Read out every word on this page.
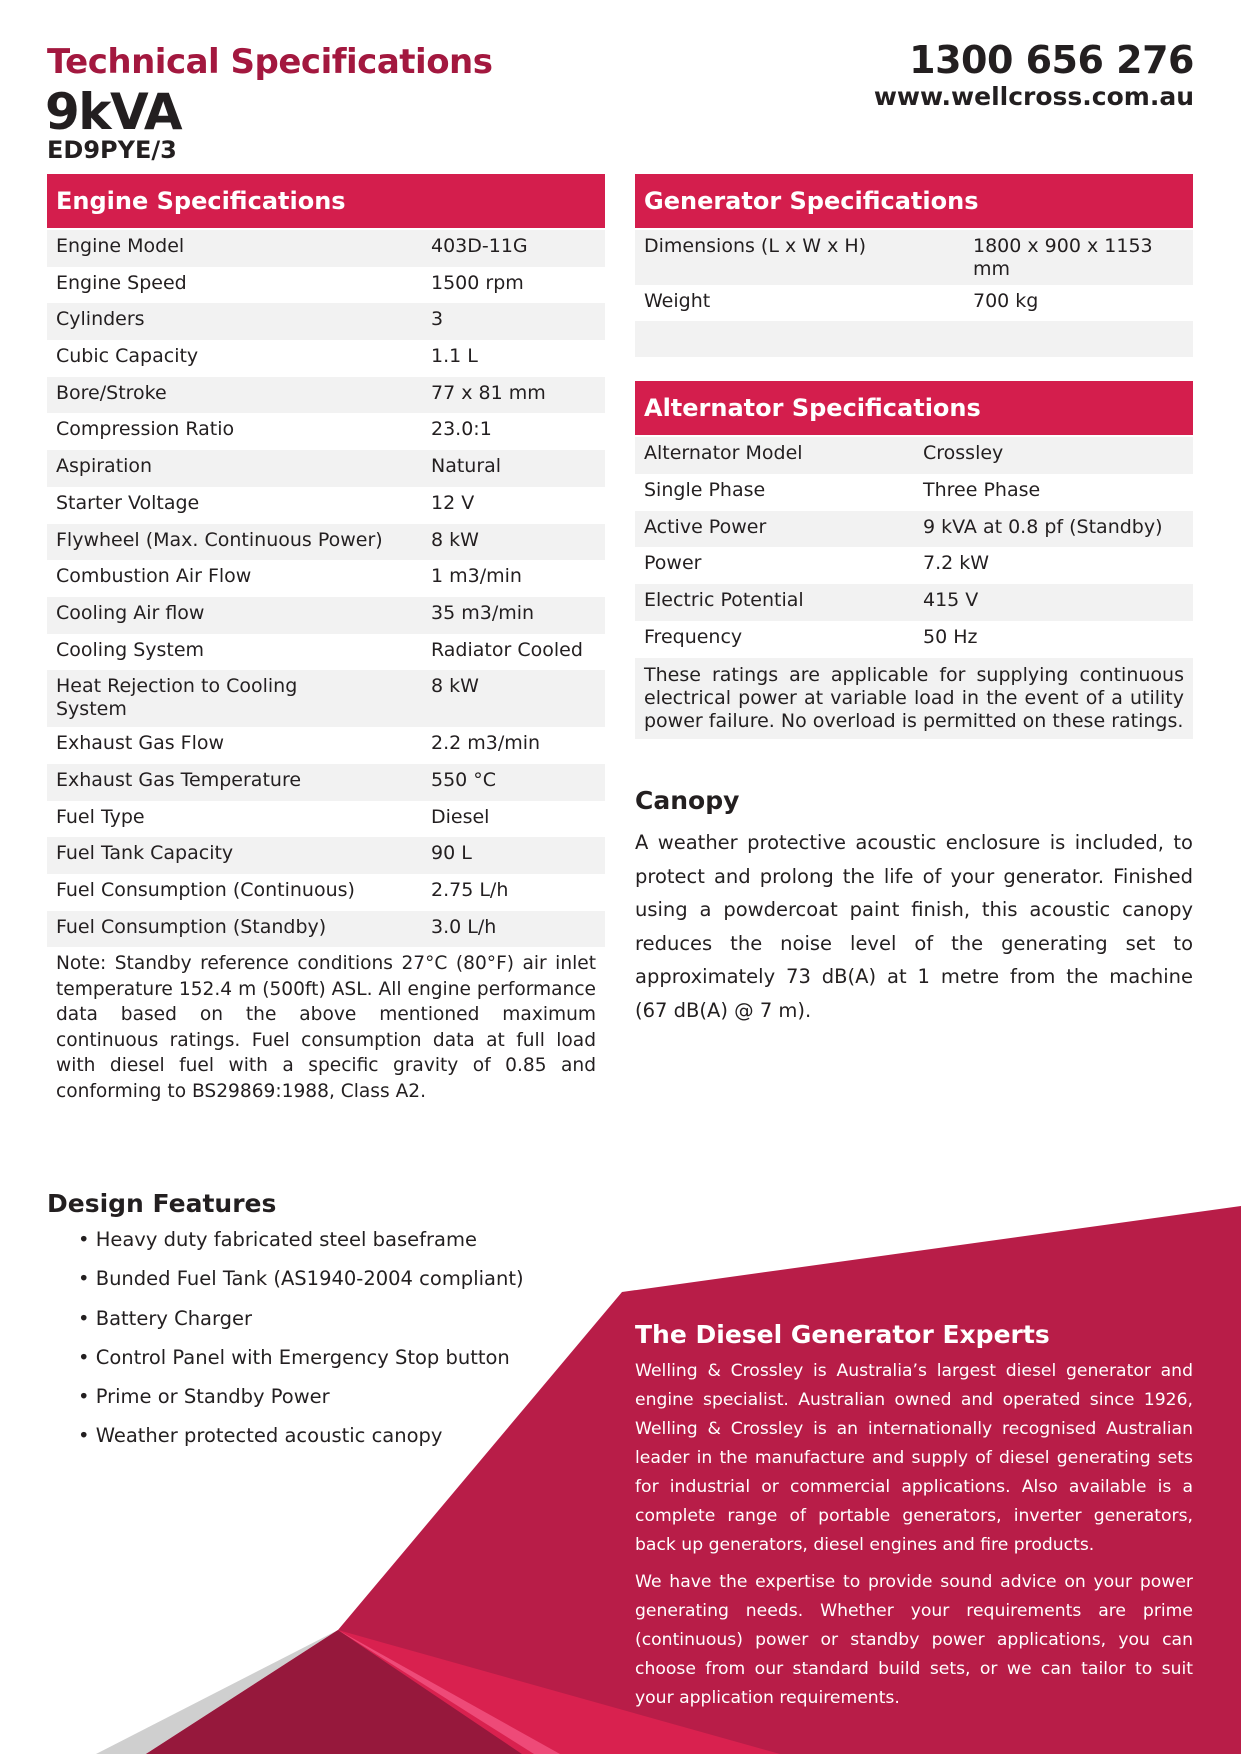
Technical Specifications
9kVA
ED9PYE/3
1300 656 276
www.wellcross.com.au
Engine Specifications
Engine Model	403D-11G
Engine Speed	1500 rpm
Cylinders	3
Cubic Capacity	1.1 L
Bore/Stroke	77 x 81 mm
Compression Ratio	23.0:1
Aspiration	Natural
Starter Voltage	12 V
Flywheel (Max. Continuous Power)	8 kW
Combustion Air Flow	1 m3/min
Cooling Air flow	35 m3/min
Cooling System	Radiator Cooled
Heat Rejection to Cooling System	8 kW
Exhaust Gas Flow	2.2 m3/min
Exhaust Gas Temperature	550 °C
Fuel Type	Diesel
Fuel Tank Capacity	90 L
Fuel Consumption (Continuous)	2.75 L/h
Fuel Consumption (Standby)	3.0 L/h
Note: Standby reference conditions 27°C (80°F) air inlet temperature 152.4 m (500ft) ASL. All engine performance data based on the above mentioned maximum continuous ratings. Fuel consumption data at full load with diesel fuel with a specific gravity of 0.85 and conforming to BS29869:1988, Class A2.
Generator Specifications
Dimensions (L x W x H)	1800 x 900 x 1153 mm
Weight	700 kg

Alternator Specifications
Alternator Model	Crossley
Single Phase	Three Phase
Active Power	9 kVA at 0.8 pf (Standby)
Power	7.2 kW
Electric Potential	415 V
Frequency	50 Hz
These ratings are applicable for supplying continuous electrical power at variable load in the event of a utility power failure. No overload is permitted on these ratings.	
Canopy
A weather protective acoustic enclosure is included, to protect and prolong the life of your generator. Finished using a powdercoat paint finish, this acoustic canopy reduces the noise level of the generating set to approximately 73 dB(A) at 1 metre from the machine (67 dB(A) @ 7 m).
Design Features
• Heavy duty fabricated steel baseframe
• Bunded Fuel Tank (AS1940-2004 compliant)
• Battery Charger
• Control Panel with Emergency Stop button
• Prime or Standby Power
• Weather protected acoustic canopy
The Diesel Generator Experts
Welling & Crossley is Australia’s largest diesel generator and engine specialist. Australian owned and operated since 1926, Welling & Crossley is an internationally recognised Australian leader in the manufacture and supply of diesel generating sets for industrial or commercial applications. Also available is a complete range of portable generators, inverter generators, back up generators, diesel engines and fire products.
We have the expertise to provide sound advice on your power generating needs. Whether your requirements are prime (continuous) power or standby power applications, you can choose from our standard build sets, or we can tailor to suit your application requirements.
